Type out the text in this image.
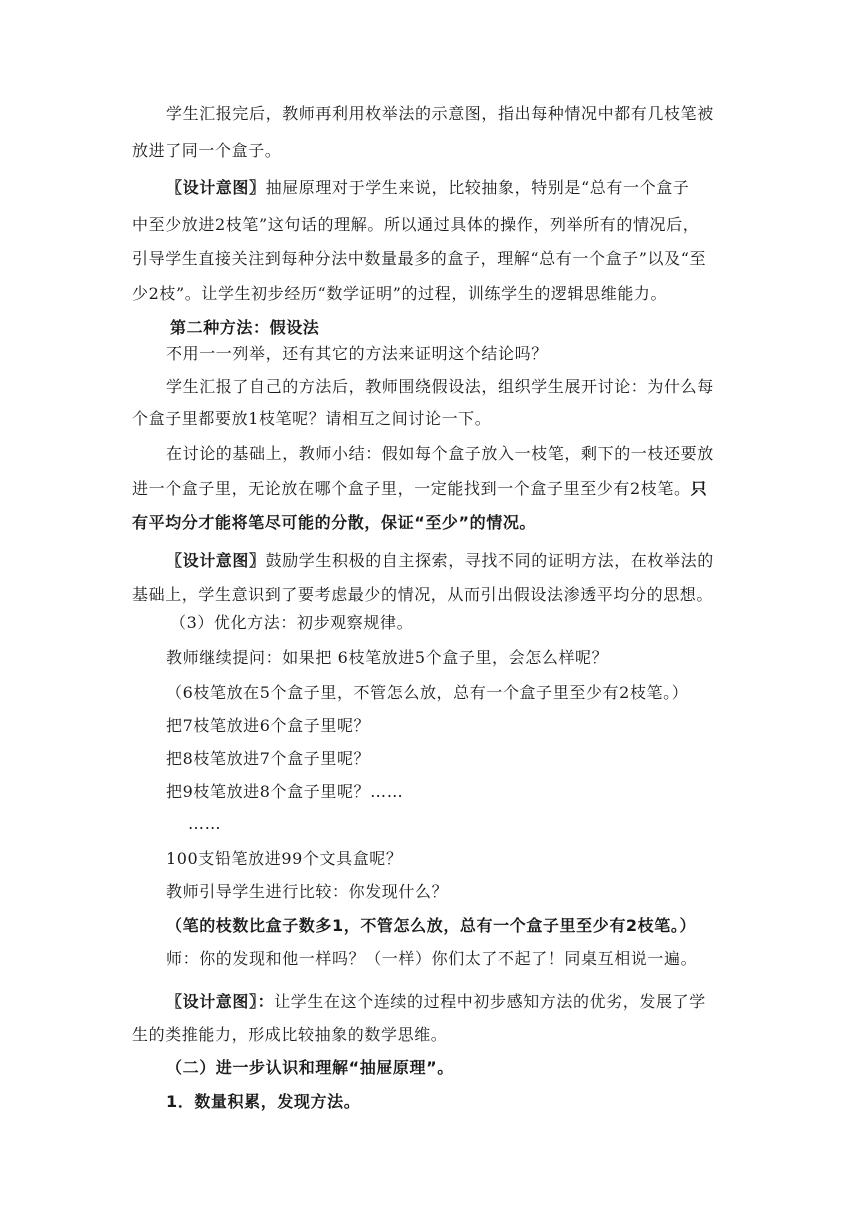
学生汇报完后，教师再利用枚举法的示意图，指出每种情况中都有几枝笔被
放进了同一个盒子。
〖设计意图〗抽屉原理对于学生来说，比较抽象，特别是“总有一个盒子
中至少放进2枝笔”这句话的理解。所以通过具体的操作，列举所有的情况后，
引导学生直接关注到每种分法中数量最多的盒子，理解“总有一个盒子”以及“至
少2枝”。让学生初步经历“数学证明”的过程，训练学生的逻辑思维能力。
第二种方法：假设法
不用一一列举，还有其它的方法来证明这个结论吗？
学生汇报了自己的方法后，教师围绕假设法，组织学生展开讨论：为什么每
个盒子里都要放1枝笔呢？请相互之间讨论一下。
在讨论的基础上，教师小结：假如每个盒子放入一枝笔，剩下的一枝还要放
进一个盒子里，无论放在哪个盒子里，一定能找到一个盒子里至少有2枝笔。只
有平均分才能将笔尽可能的分散，保证“至少”的情况。
〖设计意图〗鼓励学生积极的自主探索，寻找不同的证明方法，在枚举法的
基础上，学生意识到了要考虑最少的情况，从而引出假设法渗透平均分的思想。
（3）优化方法：初步观察规律。
教师继续提问：如果把 6枝笔放进5个盒子里，会怎么样呢？
（6枝笔放在5个盒子里，不管怎么放，总有一个盒子里至少有2枝笔。）
把7枝笔放进6个盒子里呢？
把8枝笔放进7个盒子里呢？
把9枝笔放进8个盒子里呢？……
……
100支铅笔放进99个文具盒呢？
教师引导学生进行比较：你发现什么？
（笔的枝数比盒子数多1，不管怎么放，总有一个盒子里至少有2枝笔。）
师：你的发现和他一样吗？（一样）你们太了不起了！同桌互相说一遍。
〖设计意图〗：让学生在这个连续的过程中初步感知方法的优劣，发展了学
生的类推能力，形成比较抽象的数学思维。
（二）进一步认识和理解“抽屉原理”。
1．数量积累，发现方法。
